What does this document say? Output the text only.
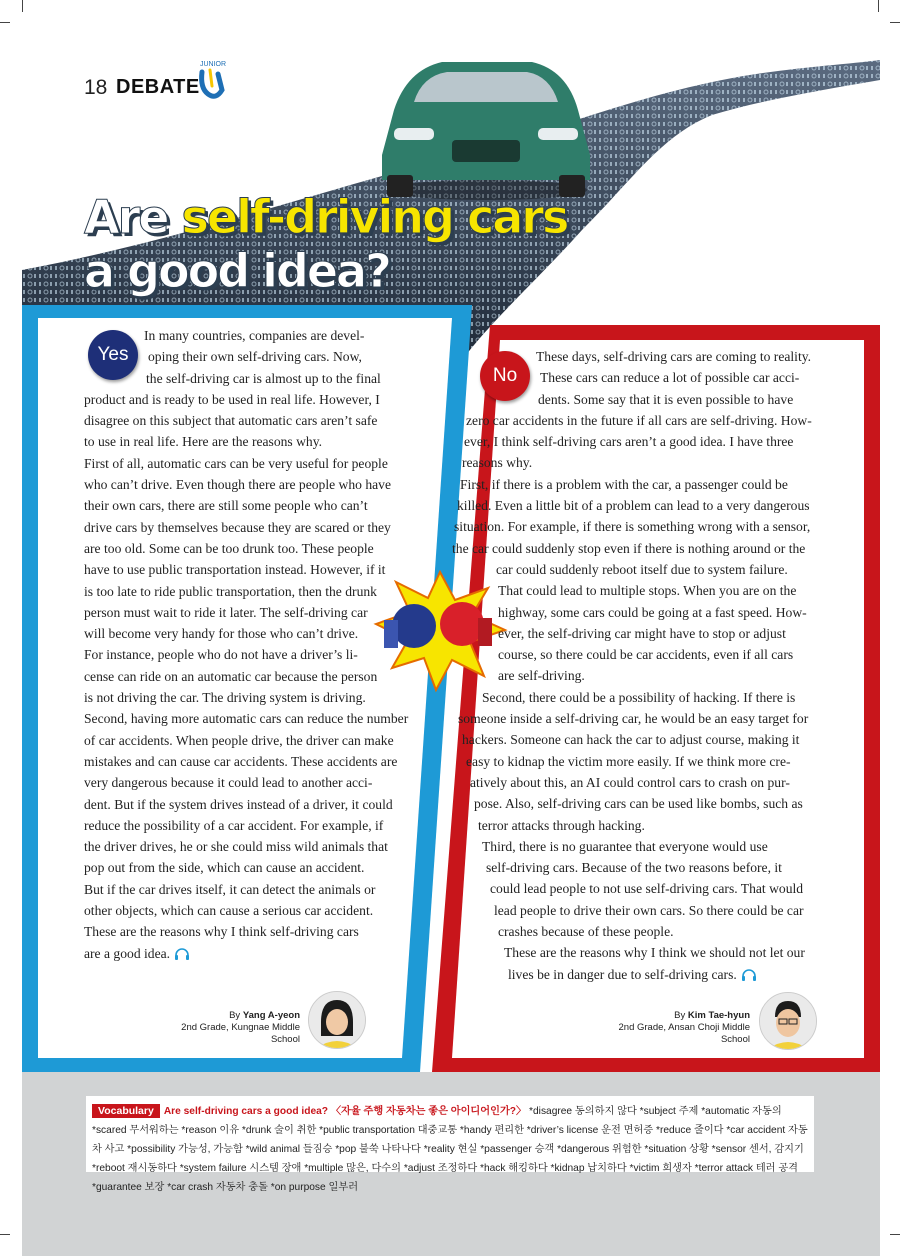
18 DEBATE
JUNIOR
Are self-driving cars
a good idea?
Yes

In many countries, companies are devel-

oping their own self-driving cars. Now,

the self-driving car is almost up to the final

product and is ready to be used in real life. However, I

disagree on this subject that automatic cars aren’t safe

to use in real life. Here are the reasons why.

First of all, automatic cars can be very useful for people

who can’t drive. Even though there are people who have

their own cars, there are still some people who can’t

drive cars by themselves because they are scared or they

are too old. Some can be too drunk too. These people

have to use public transportation instead. However, if it

is too late to ride public transportation, then the drunk

person must wait to ride it later. The self-driving car

will become very handy for those who can’t drive.

For instance, people who do not have a driver’s li-

cense can ride on an automatic car because the person

is not driving the car. The driving system is driving.

Second, having more automatic cars can reduce the number

of car accidents. When people drive, the driver can make

mistakes and can cause car accidents. These accidents are

very dangerous because it could lead to another acci-

dent. But if the system drives instead of a driver, it could

reduce the possibility of a car accident. For example, if

the driver drives, he or she could miss wild animals that

pop out from the side, which can cause an accident.

But if the car drives itself, it can detect the animals or

other objects, which can cause a serious car accident.

These are the reasons why I think self-driving cars

are a good idea.

By Yang A-yeon
2nd Grade, Kungnae Middle School
No

These days, self-driving cars are coming to reality.

These cars can reduce a lot of possible car acci-

dents. Some say that it is even possible to have

zero car accidents in the future if all cars are self-driving. How-

ever, I think self-driving cars aren’t a good idea. I have three

reasons why.

First, if there is a problem with the car, a passenger could be

killed. Even a little bit of a problem can lead to a very dangerous

situation. For example, if there is something wrong with a sensor,

the car could suddenly stop even if there is nothing around or the

car could suddenly reboot itself due to system failure.

That could lead to multiple stops. When you are on the

highway, some cars could be going at a fast speed. How-

ever, the self-driving car might have to stop or adjust

course, so there could be car accidents, even if all cars

are self-driving.

Second, there could be a possibility of hacking. If there is

someone inside a self-driving car, he would be an easy target for

hackers. Someone can hack the car to adjust course, making it

easy to kidnap the victim more easily. If we think more cre-

atively about this, an AI could control cars to crash on pur-

pose. Also, self-driving cars can be used like bombs, such as

terror attacks through hacking.

Third, there is no guarantee that everyone would use

self-driving cars. Because of the two reasons before, it

could lead people to not use self-driving cars. That would

lead people to drive their own cars. So there could be car

crashes because of these people.

These are the reasons why I think we should not let our

lives be in danger due to self-driving cars.

By Kim Tae-hyun
2nd Grade, Ansan Choji Middle School
Vocabulary Are self-driving cars a good idea? 〈자율 주행 자동차는 좋은 아이디어인가?〉 *disagree 동의하지 않다 *subject 주제 *automatic 자동의 *scared 무서워하는 *reason 이유 *drunk 술이 취한 *public transportation 대중교통 *handy 편리한 *driver’s license 운전 면허증 *reduce 줄이다 *car accident 자동차 사고 *possibility 가능성, 가능함 *wild animal 들짐승 *pop 불쑥 나타나다 *reality 현실 *passenger 승객 *dangerous 위험한 *situation 상황 *sensor 센서, 감지기 *reboot 재시동하다 *system failure 시스템 장애 *multiple 많은, 다수의 *adjust 조정하다 *hack 해킹하다 *kidnap 납치하다 *victim 희생자 *terror attack 테러 공격 *guarantee 보장 *car crash 자동차 충돌 *on purpose 일부러
